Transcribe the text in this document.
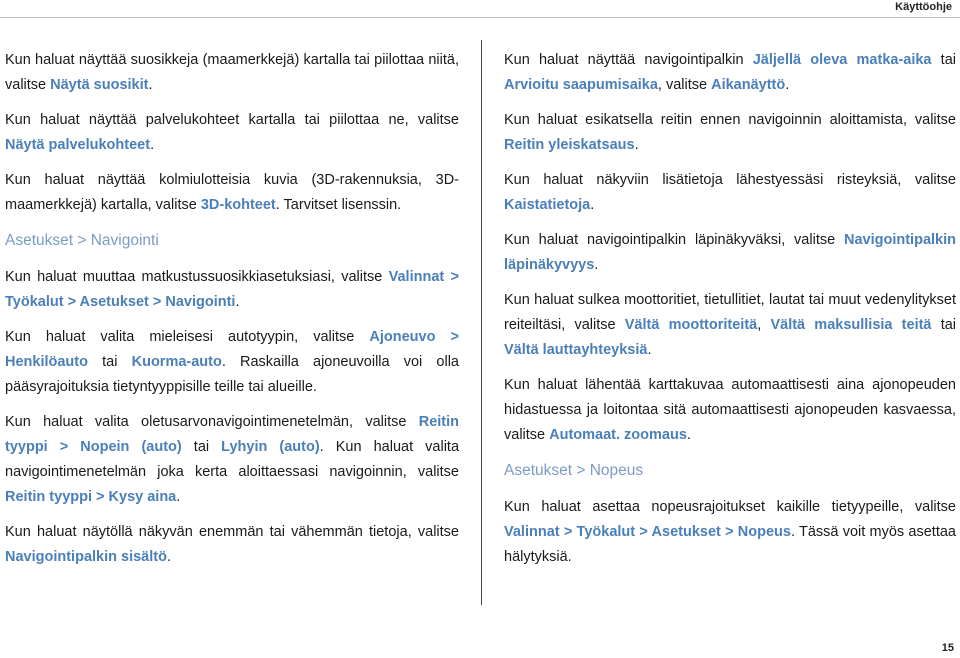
Käyttöohje

Kun haluat näyttää suosikkeja (maamerkkejä) kartalla tai piilottaa niitä, valitse Näytä suosikit.

Kun haluat näyttää palvelukohteet kartalla tai piilottaa ne, valitse Näytä palvelukohteet.

Kun haluat näyttää kolmiulotteisia kuvia (3D-rakennuksia, 3D-maamerkkejä) kartalla, valitse 3D-kohteet. Tarvitset lisenssin.

Asetukset > Navigointi

Kun haluat muuttaa matkustussuosikkiasetuksiasi, valitse Valinnat > Työkalut > Asetukset > Navigointi.

Kun haluat valita mieleisesi autotyypin, valitse Ajoneuvo > Henkilöauto tai Kuorma-auto. Raskailla ajoneuvoilla voi olla pääsyrajoituksia tietyntyyppisille teille tai alueille.

Kun haluat valita oletusarvonavigointimenetelmän, valitse Reitin tyyppi > Nopein (auto) tai Lyhyin (auto). Kun haluat valita navigointimenetelmän joka kerta aloittaessasi navigoinnin, valitse Reitin tyyppi > Kysy aina.

Kun haluat näytöllä näkyvän enemmän tai vähemmän tietoja, valitse Navigointipalkin sisältö.

Kun haluat näyttää navigointipalkin Jäljellä oleva matka-aika tai Arvioitu saapumisaika, valitse Aikanäyttö.

Kun haluat esikatsella reitin ennen navigoinnin aloittamista, valitse Reitin yleiskatsaus.

Kun haluat näkyviin lisätietoja lähestyessäsi risteyksiä, valitse Kaistatietoja.

Kun haluat navigointipalkin läpinäkyväksi, valitse Navigointipalkin läpinäkyvyys.

Kun haluat sulkea moottoritiet, tietullitiet, lautat tai muut vedenylitykset reiteiltäsi, valitse Vältä moottoriteitä, Vältä maksullisia teitä tai Vältä lauttayhteyksiä.

Kun haluat lähentää karttakuvaa automaattisesti aina ajonopeuden hidastuessa ja loitontaa sitä automaattisesti ajonopeuden kasvaessa, valitse Automaat. zoomaus.

Asetukset > Nopeus

Kun haluat asettaa nopeusrajoitukset kaikille tietyypeille, valitse Valinnat > Työkalut > Asetukset > Nopeus. Tässä voit myös asettaa hälytyksiä.

15
